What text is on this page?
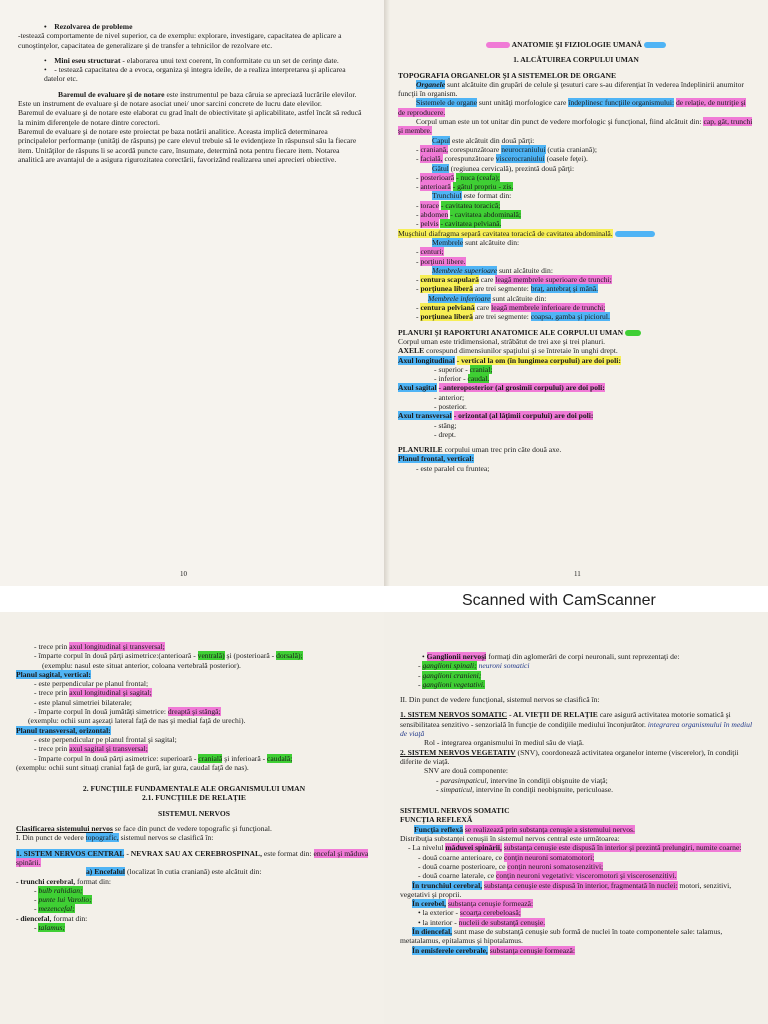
•    Rezolvarea de probleme

-testează comportamente de nivel superior, ca de exemplu: explorare, investigare, capacitatea de aplicare a cunoştinţelor, capacitatea de generalizare şi de transfer a tehnicilor de rezolvare etc.

•    Mini eseu structurat - elaborarea unui text coerent, în conformitate cu un set de cerinţe date.

•    - testează capacitatea de a evoca, organiza şi integra ideile, de a realiza interpretarea şi aplicarea datelor etc.

Baremul de evaluare şi de notare este instrumentul pe baza căruia se apreciază lucrările elevilor. Este un instrument de evaluare şi de notare asociat unei/ unor sarcini concrete de lucru date elevilor.

Baremul de evaluare şi de notare este elaborat cu grad înalt de obiectivitate şi aplicabilitate, astfel încât să reducă la minim diferenţele de notare dintre corectori.

Baremul de evaluare şi de notare este proiectat pe baza notării analitice. Aceasta implică determinarea principalelor performanţe (unităţi de răspuns) pe care elevul trebuie să le evidenţieze în răspunsul său la fiecare item. Unităţilor de răspuns li se acordă puncte care, însumate, determină nota pentru fiecare item. Notarea analitică are avantajul de a asigura rigurozitatea corectării, favorizând realizarea unei aprecieri obiective.

10

ANATOMIE ŞI FIZIOLOGIE UMANĂ

1. ALCĂTUIREA CORPULUI UMAN

TOPOGRAFIA ORGANELOR ŞI A SISTEMELOR DE ORGANE

Organele sunt alcătuite din grupări de celule şi ţesuturi care s-au diferenţiat în vederea îndeplinirii anumitor funcţii în organism.

Sistemele de organe sunt unităţi morfologice care îndeplinesc funcţiile organismului: de relaţie, de nutriţie şi de reproducere.

Corpul uman este un tot unitar din punct de vedere morfologic şi funcţional, fiind alcătuit din: cap, gât, trunchi şi membre.

Capul este alcătuit din două părţi:

- craniană, corespunzătoare neurocraniului (cutia craniană);

- facială, corespunzătoare viscerocraniului (oasele feţei).

Gâtul (regiunea cervicală), prezintă două părţi:

- posterioară - nuca (ceafa);

- anterioară - gâtul propriu - zis.

Trunchiul este format din:

- torace - cavitatea toracică;

- abdomen - cavitatea abdominală;

- pelvis - cavitatea pelviană.

Muşchiul diafragma separă cavitatea toracică de cavitatea abdominală.

Membrele sunt alcătuite din:

- centuri;

- porţiuni libere.

Membrele superioare sunt alcătuite din:

- centura scapulară care leagă membrele superioare de trunchi;

- porţiunea liberă are trei segmente: braţ, antebraţ şi mână.

Membrele inferioare sunt alcătuite din:

- centura pelviană care leagă membrele inferioare de trunchi;

- porţiunea liberă are trei segmente: coapsa, gamba şi piciorul.

PLANURI ŞI RAPORTURI ANATOMICE ALE CORPULUI UMAN

Corpul uman este tridimensional, străbătut de trei axe şi trei planuri.

AXELE corespund dimensiunilor spaţiului şi se întretaie în unghi drept.

Axul longitudinal - vertical la om (în lungimea corpului) are doi poli:

- superior - cranial;

- inferior - caudal.

Axul sagital - anteroposterior (al grosimii corpului) are doi poli:

- anterior;

- posterior.

Axul transversal - orizontal (al lăţimii corpului) are doi poli:

- stâng;

- drept.

PLANURILE corpului uman trec prin câte două axe.

Planul frontal, vertical:

- este paralel cu fruntea;

11
Scanned with CamScanner

- trece prin axul longitudinal şi transversal;

- împarte corpul în două părţi asimetrice:(anterioară - ventrală) şi (posterioară - dorsală);

(exemplu: nasul este situat anterior, coloana vertebrală posterior).

Planul sagital, vertical:

- este perpendicular pe planul frontal;

- trece prin axul longitudinal şi sagital;

- este planul simetriei bilaterale;

- împarte corpul în două jumătăţi simetrice: dreaptă şi stângă;

(exemplu: ochii sunt aşezaţi lateral faţă de nas şi medial faţă de urechi).

Planul transversal, orizontal:

- este perpendicular pe planul frontal şi sagital;

- trece prin axul sagital şi transversal;

- împarte corpul în două părţi asimetrice: superioară - cranială şi inferioară - caudală;

(exemplu: ochii sunt situaţi cranial faţă de gură, iar gura, caudal faţă de nas).

2. FUNCŢIILE FUNDAMENTALE ALE ORGANISMULUI UMAN

2.1. FUNCŢIILE DE RELAŢIE

SISTEMUL NERVOS

Clasificarea sistemului nervos se face din punct de vedere topografic şi funcţional.

I. Din punct de vedere topografic, sistemul nervos se clasifică în:

1. SISTEM NERVOS CENTRAL - NEVRAX SAU AX CEREBROSPINAL, este format din: encefal şi măduva spinării.

a) Encefalul (localizat în cutia craniană) este alcătuit din:

- trunchi cerebral, format din:

- bulb rahidian;

- punte lui Varolio;

- mezencefal;

- diencefal, format din:

- talamus;

• Ganglionii nervoşi formaţi din aglomerări de corpi neuronali, sunt reprezentaţi de:

- ganglioni spinali; neuroni somatici

- ganglioni cranieni;

- ganglioni vegetativi.

II. Din punct de vedere funcţional, sistemul nervos se clasifică în:

1. SISTEM NERVOS SOMATIC - AL VIEŢII DE RELAŢIE care asigură activitatea motorie somatică şi sensibilitatea senzitivo - senzorială în funcţie de condiţiile mediului înconjurător. integrarea organismului în mediul de viaţă

Rol - integrarea organismului în mediul său de viaţă.

2. SISTEM NERVOS VEGETATIV (SNV), coordonează activitatea organelor interne (viscerelor), în condiţii diferite de viaţă.

SNV are două componente:

- parasimpaticul, intervine în condiţii obişnuite de viaţă;

- simpaticul, intervine în condiţii neobişnuite, periculoase.

SISTEMUL NERVOS SOMATIC

FUNCŢIA REFLEXĂ

Funcţia reflexă se realizează prin substanţa cenuşie a sistemului nervos.

Distribuţia substanţei cenuşii în sistemul nervos central este următoarea:

- La nivelul măduvei spinării, substanţa cenuşie este dispusă în interior şi prezintă prelungiri, numite coarne:

- două coarne anterioare, ce conţin neuroni somatomotori;

- două coarne posterioare, ce conţin neuroni somatosenzitivi;

- două coarne laterale, ce conţin neuroni vegetativi: visceromotori şi viscerosenzitivi.

În trunchiul cerebral, substanţa cenuşie este dispusă în interior, fragmentată în nuclei: motori, senzitivi, vegetativi şi proprii.

În cerebel, substanţa cenuşie formează:

• la exterior - scoarţa cerebeloasă;

• la interior - nucleii de substanţă cenuşie.

În diencefal, sunt mase de substanţă cenuşie sub formă de nuclei în toate componentele sale: talamus, metatalamus, epitalamus şi hipotalamus.

În emisferele cerebrale, substanţa cenuşie formează:
